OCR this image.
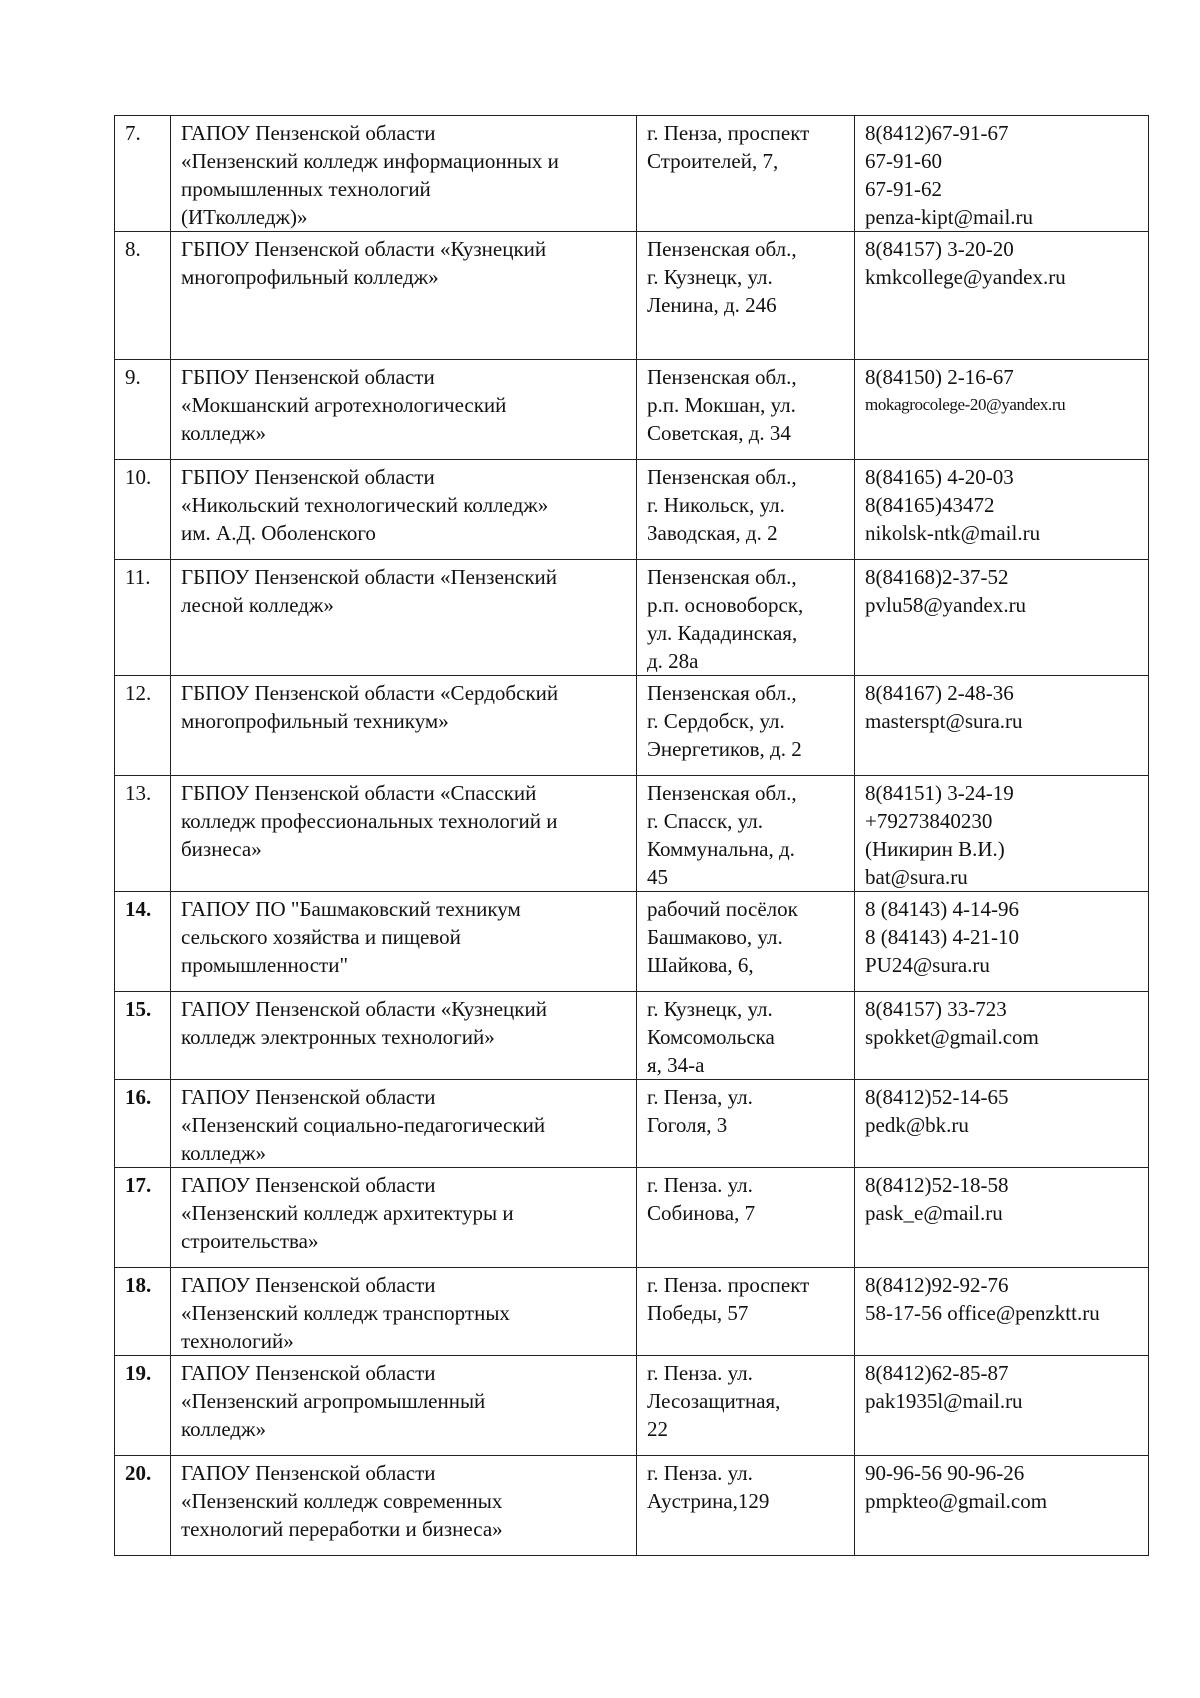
7.	ГАПОУ Пензенской области
«Пензенский колледж информационных и
промышленных технологий
(ИТколледж)»	г. Пенза, проспект
Строителей, 7,	8(8412)67-91-67
67-91-60
67-91-62
penza-kipt@mail.ru

8.	ГБПОУ Пензенской области «Кузнецкий
многопрофильный колледж»	Пензенская обл.,
г. Кузнецк, ул.
Ленина, д. 246	8(84157) 3-20-20
kmkcollege@yandex.ru

9.	ГБПОУ Пензенской области
«Мокшанский агротехнологический
колледж»	Пензенская обл.,
р.п. Мокшан, ул.
Советская, д. 34	8(84150) 2-16-67
mokagrocolege-20@yandex.ru

10.	ГБПОУ Пензенской области
«Никольский технологический колледж»
им. А.Д. Оболенского	Пензенская обл.,
г. Никольск, ул.
Заводская, д. 2	8(84165) 4-20-03
8(84165)43472
nikolsk-ntk@mail.ru

11.	ГБПОУ Пензенской области «Пензенский
лесной колледж»	Пензенская обл.,
р.п. основоборск,
ул. Кададинская,
д. 28а	8(84168)2-37-52
pvlu58@yandex.ru

12.	ГБПОУ Пензенской области «Сердобский
многопрофильный техникум»	Пензенская обл.,
г. Сердобск, ул.
Энергетиков, д. 2	8(84167) 2-48-36
masterspt@sura.ru

13.	ГБПОУ Пензенской области «Спасский
колледж профессиональных технологий и
бизнеса»	Пензенская обл.,
г. Спасск, ул.
Коммунальна, д.
45	8(84151) 3-24-19
+79273840230
(Никирин В.И.)
bat@sura.ru

14.	ГАПОУ ПО "Башмаковский техникум
сельского хозяйства и пищевой
промышленности"	рабочий посёлок
Башмаково, ул.
Шайкова, 6,	8 (84143) 4-14-96
8 (84143) 4-21-10
PU24@sura.ru

15.	ГАПОУ Пензенской области «Кузнецкий
колледж электронных технологий»	г. Кузнецк, ул.
Комсомольска
я, 34-а	8(84157) 33-723
spokket@gmail.com

16.	ГАПОУ Пензенской области
«Пензенский социально-педагогический
колледж»	г. Пенза, ул.
Гоголя, 3	8(8412)52-14-65
pedk@bk.ru

17.	ГАПОУ Пензенской области
«Пензенский колледж архитектуры и
строительства»	г. Пенза. ул.
Собинова, 7	8(8412)52-18-58
pask_e@mail.ru

18.	ГАПОУ Пензенской области
«Пензенский колледж транспортных
технологий»	г. Пенза. проспект
Победы, 57	8(8412)92-92-76
58-17-56 office@penzktt.ru

19.	ГАПОУ Пензенской области
«Пензенский агропромышленный
колледж»	г. Пенза. ул.
Лесозащитная,
22	8(8412)62-85-87
pak1935l@mail.ru

20.	ГАПОУ Пензенской области
«Пензенский колледж современных
технологий переработки и бизнеса»	г. Пенза. ул.
Аустрина,129	90-96-56 90-96-26
pmpkteo@gmail.com
